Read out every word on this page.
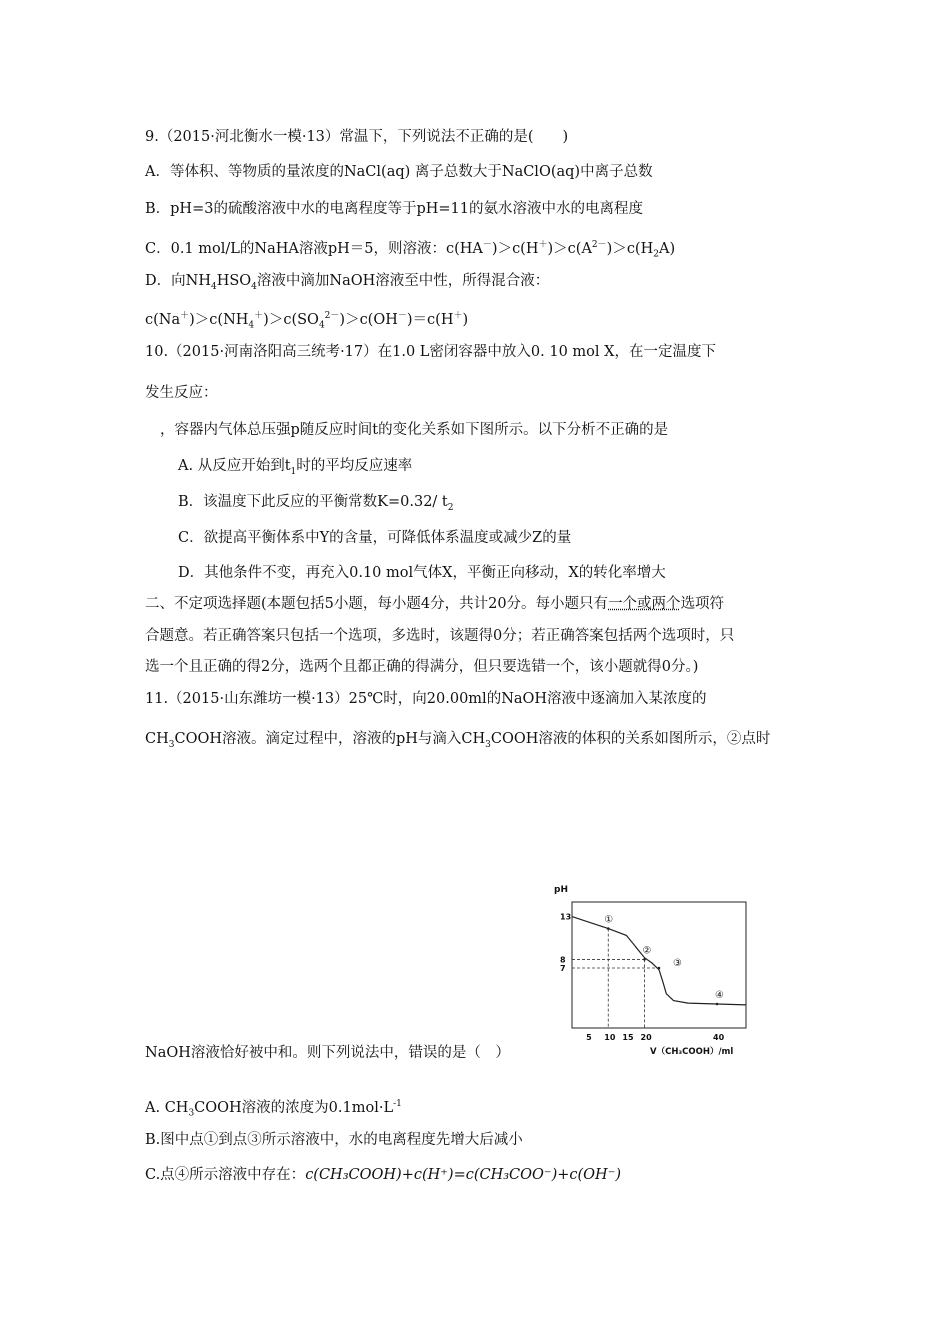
9.（2015·河北衡水一模·13）常温下，下列说法不正确的是(　　)
A．等体积、等物质的量浓度的NaCl(aq) 离子总数大于NaClO(aq)中离子总数
B．pH=3的硫酸溶液中水的电离程度等于pH=11的氨水溶液中水的电离程度
C．0.1 mol/L的NaHA溶液pH＝5，则溶液：$c(HA^-)>c(H^+)>c(A^{2-})>c(H_2A)$
D．向$NH_4HSO_4$溶液中滴加NaOH溶液至中性，所得混合液：
$c(Na^+)>c(NH_4^+)>c(SO_4^{2-})>c(OH^-)=c(H^+)$
10.（2015·河南洛阳高三统考·17）在1.0 L密闭容器中放入0. 10 mol X，在一定温度下
发生反应：
，容器内气体总压强p随反应时间t的变化关系如下图所示。以下分析不正确的是
A. 从反应开始到$t_1$时的平均反应速率
B．该温度下此反应的平衡常数K=0.32/ $t_2$
C．欲提高平衡体系中Y的含量，可降低体系温度或减少Z的量
D．其他条件不变，再充入0.10 mol气体X，平衡正向移动，X的转化率增大
二、不定项选择题(本题包括5小题，每小题4分，共计20分。每小题只有一个或两个选项符
合题意。若正确答案只包括一个选项，多选时，该题得0分；若正确答案包括两个选项时，只
选一个且正确的得2分，选两个且都正确的得满分，但只要选错一个，该小题就得0分。)
11.（2015·山东潍坊一模·13）25℃时，向20.00ml的NaOH溶液中逐滴加入某浓度的
$CH_3COOH$溶液。滴定过程中，溶液的pH与滴入$CH_3COOH$溶液的体积的关系如图所示，②点时
pH
V（CH₃COOH）/ml
①
②
③
④
5 10 15 20	40
13
8
7
NaOH溶液恰好被中和。则下列说法中，错误的是（　）
A. $CH_3COOH$溶液的浓度为$0.1mol\cdot L^{-1}$
B.图中点①到点③所示溶液中，水的电离程度先增大后减小
C.点④所示溶液中存在：c(CH₃COOH)+c(H⁺)=c(CH₃COO⁻)+c(OH⁻)
